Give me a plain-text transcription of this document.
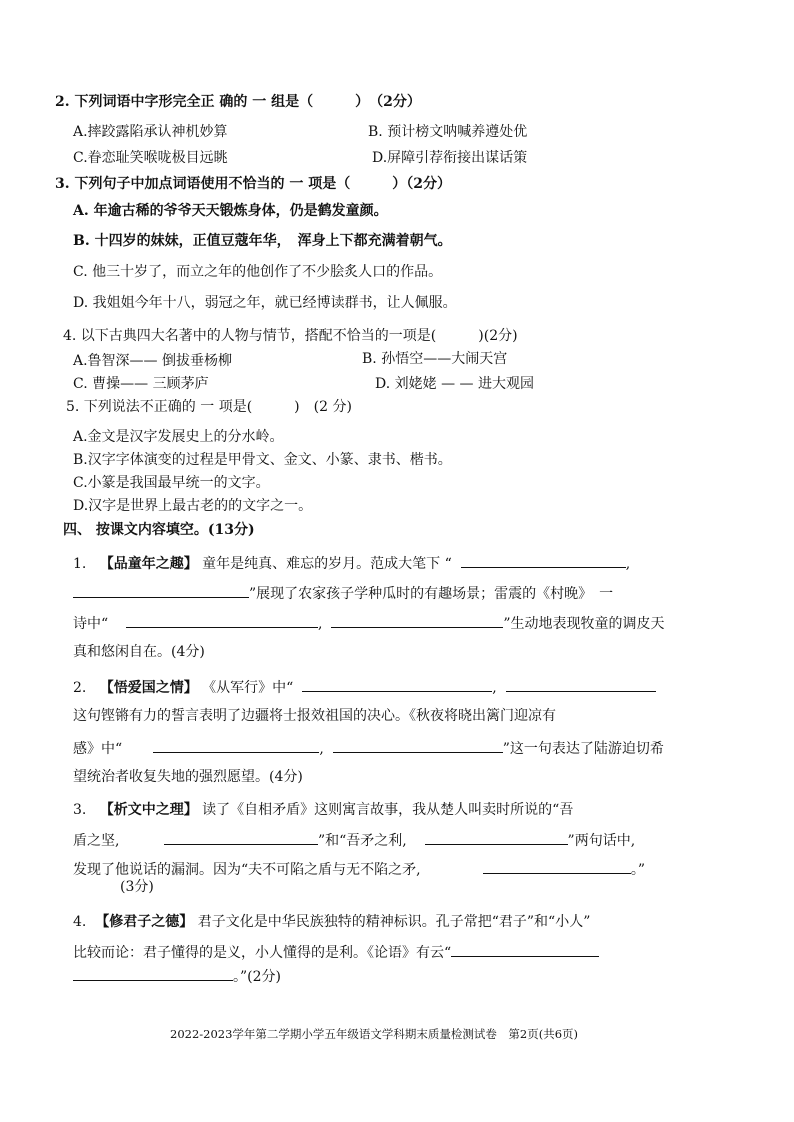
2. 下列词语中字形完全正 确的 一 组是（　　　）　（2分）
A.摔跤露陷承认神机妙算	B. 预计榜文呐喊养遵处优
C.眷恋耻笑喉咙极目远眺	D.屏障引荐衔接出谋话策
3. 下列句子中加点词语使用不恰当的 一 项是（　　　）（2分）
A. 年逾古稀的爷爷天天锻炼身体，仍是鹤发童颜。
B. 十四岁的妹妹，正值豆蔻年华，　浑身上下都充满着朝气。
C. 他三十岁了，而立之年的他创作了不少脍炙人口的作品。
D. 我姐姐今年十八，弱冠之年，就已经博读群书，让人佩服。
4. 以下古典四大名著中的人物与情节，搭配不恰当的一项是(　　　)(2分)
A.鲁智深—— 倒拔垂杨柳	B. 孙悟空——大闹天宫
C. 曹操—— 三顾茅庐	D. 刘姥姥 — — 进大观园
5. 下列说法不正确的 一 项是(　　　)　(2 分)
A.金文是汉字发展史上的分水岭。
B.汉字字体演变的过程是甲骨文、金文、小篆、隶书、楷书。
C.小篆是我国最早统一的文字。
D.汉字是世界上最古老的的文字之一。
四、 按课文内容填空。(13分)
1. 【品童年之趣】 童年是纯真、难忘的岁月。范成大笔下 “	,
”展现了农家孩子学种瓜时的有趣场景；雷震的《村晚》　一
诗中“	,	”生动地表现牧童的调皮天
真和悠闲自在。(4分)
2. 【悟爱国之情】 《从军行》中“	,
这句铿锵有力的誓言表明了边疆将士报效祖国的决心。《秋夜将晓出篱门迎凉有
感》中“	,	”这一句表达了陆游迫切希
望统治者收复失地的强烈愿望。(4分)
3. 【析文中之理】 读了《自相矛盾》这则寓言故事，我从楚人叫卖时所说的“吾
盾之坚,	”和“吾矛之利,	”两句话中,
发现了他说话的漏洞。因为“夫不可陷之盾与无不陷之矛,	。”
(3分)
4. 【修君子之德】 君子文化是中华民族独特的精神标识。孔子常把“君子”和“小人”
比较而论：君子懂得的是义，小人懂得的是利。《论语》有云“
。”(2分)
2022-2023学年第二学期小学五年级语文学科期末质量检测试卷　第2页(共6页)
